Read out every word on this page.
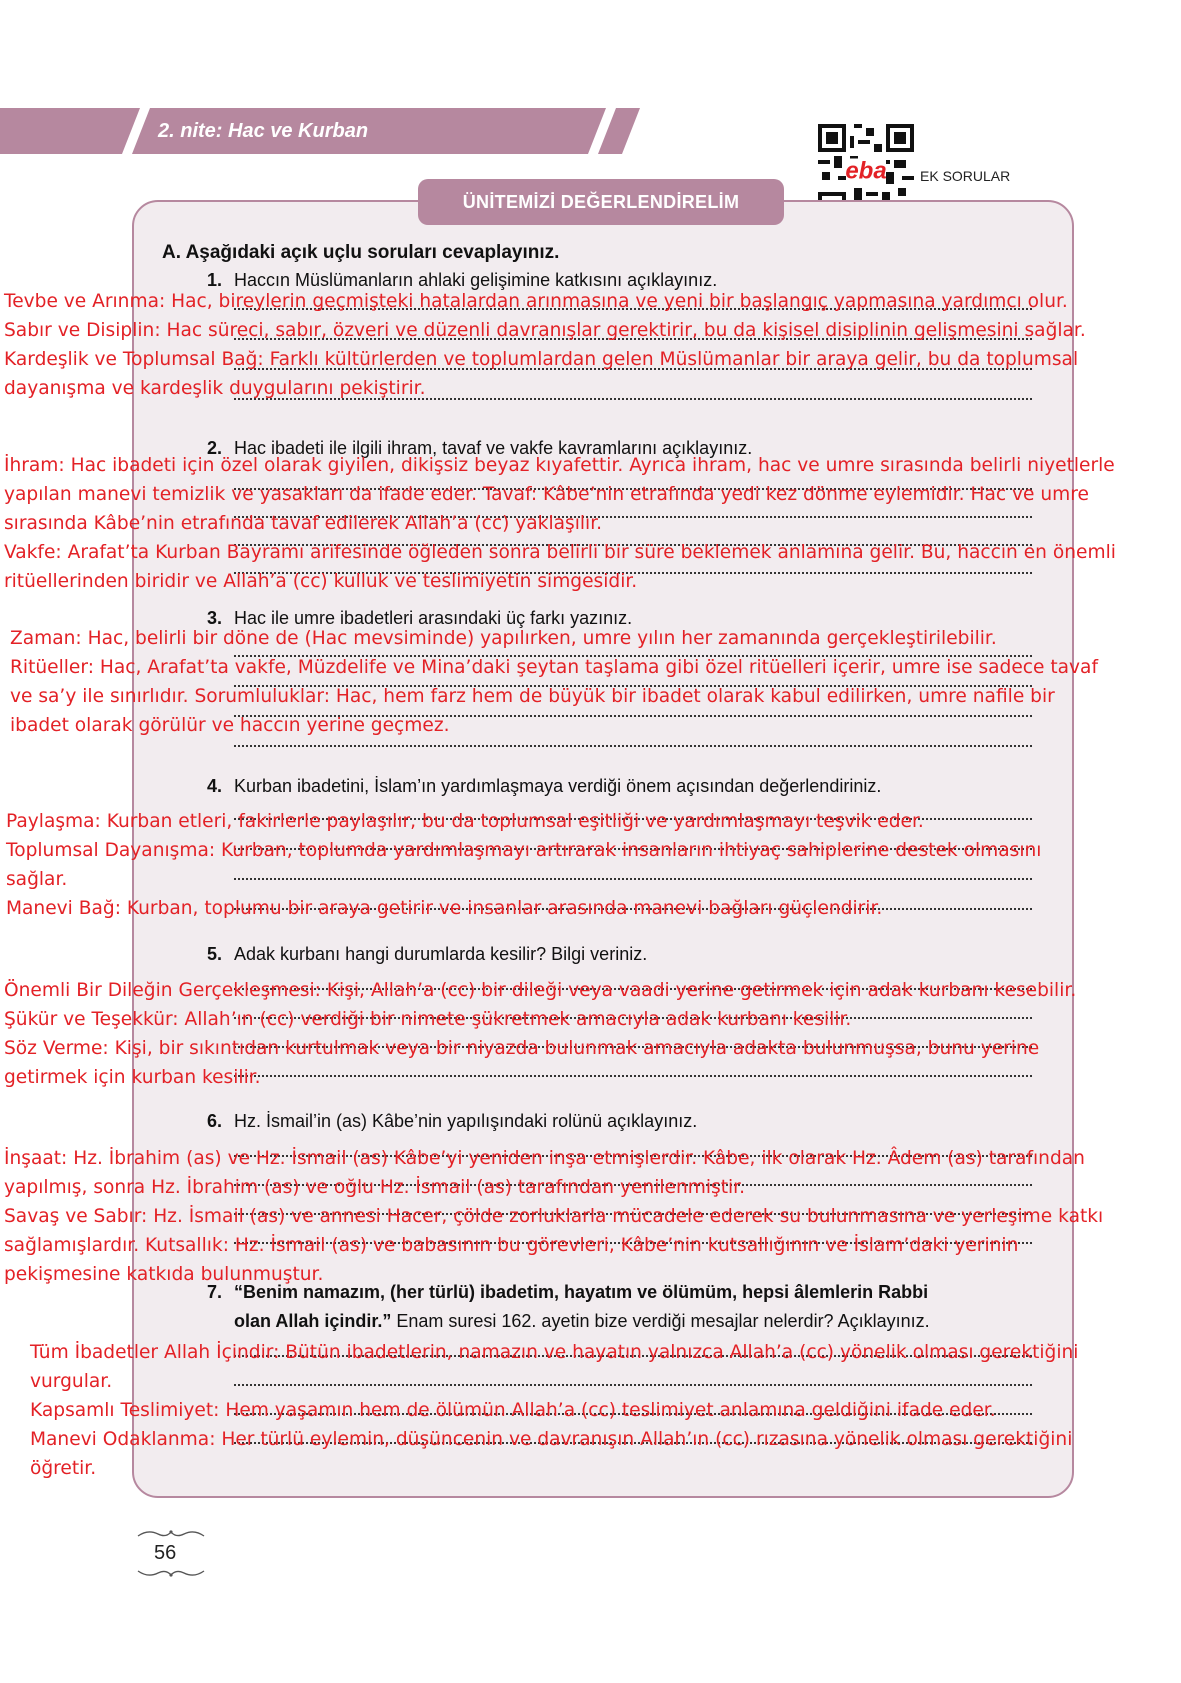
2. nite: Hac ve Kurban
eba EK SORULAR
ÜNİTEMİZİ DEĞERLENDİRELİM
A. Aşağıdaki açık uçlu soruları cevaplayınız.
1. Haccın Müslümanların ahlaki gelişimine katkısını açıklayınız.
Tevbe ve Arınma: Hac, bireylerin geçmişteki hatalardan arınmasına ve yeni bir başlangıç yapmasına yardımcı olur.
Sabır ve Disiplin: Hac süreci, sabır, özveri ve düzenli davranışlar gerektirir, bu da kişisel disiplinin gelişmesini sağlar.
Kardeşlik ve Toplumsal Bağ: Farklı kültürlerden ve toplumlardan gelen Müslümanlar bir araya gelir, bu da toplumsal
dayanışma ve kardeşlik duygularını pekiştirir.
2. Hac ibadeti ile ilgili ihram, tavaf ve vakfe kavramlarını açıklayınız.
İhram: Hac ibadeti için özel olarak giyilen, dikişsiz beyaz kıyafettir. Ayrıca ihram, hac ve umre sırasında belirli niyetlerle
yapılan manevi temizlik ve yasakları da ifade eder. Tavaf: Kâbe’nin etrafında yedi kez dönme eylemidir. Hac ve umre
sırasında Kâbe’nin etrafında tavaf edilerek Allah’a (cc) yaklaşılır.
Vakfe: Arafat’ta Kurban Bayramı arifesinde öğleden sonra belirli bir süre beklemek anlamına gelir. Bu, haccın en önemli
ritüellerinden biridir ve Allah’a (cc) kulluk ve teslimiyetin simgesidir.
3. Hac ile umre ibadetleri arasındaki üç farkı yazınız.
Zaman: Hac, belirli bir döne de (Hac mevsiminde) yapılırken, umre yılın her zamanında gerçekleştirilebilir.
Ritüeller: Hac, Arafat’ta vakfe, Müzdelife ve Mina’daki şeytan taşlama gibi özel ritüelleri içerir, umre ise sadece tavaf
ve sa’y ile sınırlıdır. Sorumluluklar: Hac, hem farz hem de büyük bir ibadet olarak kabul edilirken, umre nafile bir
ibadet olarak görülür ve haccın yerine geçmez.
4. Kurban ibadetini, İslam’ın yardımlaşmaya verdiği önem açısından değerlendiriniz.
Paylaşma: Kurban etleri, fakirlerle paylaşılır, bu da toplumsal eşitliği ve yardımlaşmayı teşvik eder.
Toplumsal Dayanışma: Kurban, toplumda yardımlaşmayı artırarak insanların ihtiyaç sahiplerine destek olmasını
sağlar.
Manevi Bağ: Kurban, toplumu bir araya getirir ve insanlar arasında manevi bağları güçlendirir.
5. Adak kurbanı hangi durumlarda kesilir? Bilgi veriniz.
Önemli Bir Dileğin Gerçekleşmesi: Kişi, Allah’a (cc) bir dileği veya vaadi yerine getirmek için adak kurbanı kesebilir.
Şükür ve Teşekkür: Allah’ın (cc) verdiği bir nimete şükretmek amacıyla adak kurbanı kesilir.
Söz Verme: Kişi, bir sıkıntıdan kurtulmak veya bir niyazda bulunmak amacıyla adakta bulunmuşsa, bunu yerine
getirmek için kurban kesilir.
6. Hz. İsmail’in (as) Kâbe’nin yapılışındaki rolünü açıklayınız.
İnşaat: Hz. İbrahim (as) ve Hz. İsmail (as) Kâbe’yi yeniden inşa etmişlerdir. Kâbe, ilk olarak Hz. Âdem (as) tarafından
yapılmış, sonra Hz. İbrahim (as) ve oğlu Hz. İsmail (as) tarafından yenilenmiştir.
Savaş ve Sabır: Hz. İsmail (as) ve annesi Hacer, çölde zorluklarla mücadele ederek su bulunmasına ve yerleşime katkı
sağlamışlardır. Kutsallık: Hz. İsmail (as) ve babasının bu görevleri, Kâbe’nin kutsallığının ve İslam’daki yerinin
pekişmesine katkıda bulunmuştur.
7. “Benim namazım, (her türlü) ibadetim, hayatım ve ölümüm, hepsi âlemlerin Rabbi
olan Allah içindir.” Enam suresi 162. ayetin bize verdiği mesajlar nelerdir? Açıklayınız.
Tüm İbadetler Allah İçindir: Bütün ibadetlerin, namazın ve hayatın yalnızca Allah’a (cc) yönelik olması gerektiğini
vurgular.
Kapsamlı Teslimiyet: Hem yaşamın hem de ölümün Allah’a (cc) teslimiyet anlamına geldiğini ifade eder.
Manevi Odaklanma: Her türlü eylemin, düşüncenin ve davranışın Allah’ın (cc) rızasına yönelik olması gerektiğini
öğretir.
56
